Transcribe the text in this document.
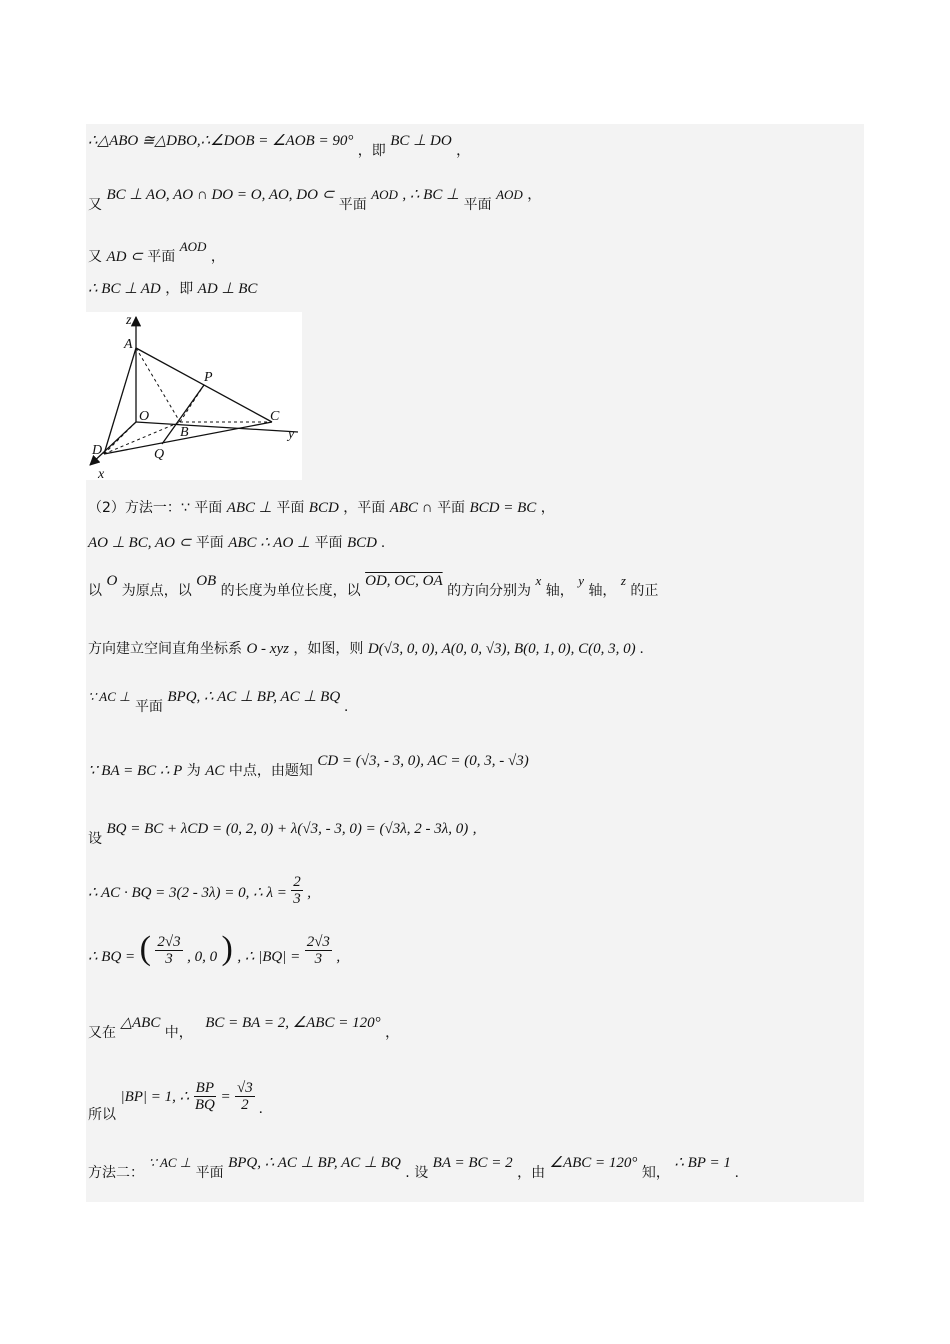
∴△ABO ≅△DBO,∴∠DOB = ∠AOB = 90° ，即 BC ⊥ DO ，
又 BC ⊥ AO, AO ∩ DO = O, AO, DO ⊂ 平面 AOD , ∴ BC ⊥ 平面 AOD ，
又 AD ⊂ 平面 AOD ，
∴ BC ⊥ AD ，即 AD ⊥ BC
z
A
P
O
B
C
y
D	Q
x
（2）方法一：∵ 平面 ABC ⊥ 平面 BCD ，平面 ABC ∩ 平面 BCD = BC ，
AO ⊥ BC, AO ⊂ 平面 ABC ∴ AO ⊥ 平面 BCD .
以 O 为原点，以 OB 的长度为单位长度，以 OD, OC, OA 的方向分别为 x 轴， y 轴， z 的正
方向建立空间直角坐标系 O - xyz ，如图，则 D(√3, 0, 0), A(0, 0, √3), B(0, 1, 0), C(0, 3, 0) .
∵ AC ⊥ 平面 BPQ, ∴ AC ⊥ BP, AC ⊥ BQ .
∵ BA = BC ∴ P 为 AC 中点，由题知 CD = (√3, - 3, 0), AC = (0, 3, - √3)
设 BQ = BC + λCD = (0, 2, 0) + λ(√3, - 3, 0) = (√3λ, 2 - 3λ, 0) ,
∴ AC · BQ = 3(2 - 3λ) = 0, ∴ $\lambda = \frac{2}{3}$ ,
∴ BQ = ( $\frac{2√3}{3}$ , 0, 0 ) , ∴ $|BQ| = \frac{2√3}{3}$ ,
又在 △ABC 中， BC = BA = 2, ∠ABC = 120° ，
所以 |BP| = 1, ∴ $\frac{BP}{BQ} = \frac{√3}{2}$ .
方法二： ∵ AC ⊥ 平面 BPQ, ∴ AC ⊥ BP, AC ⊥ BQ . 设 BA = BC = 2 ，由 ∠ABC = 120° 知， ∴ BP = 1 .
